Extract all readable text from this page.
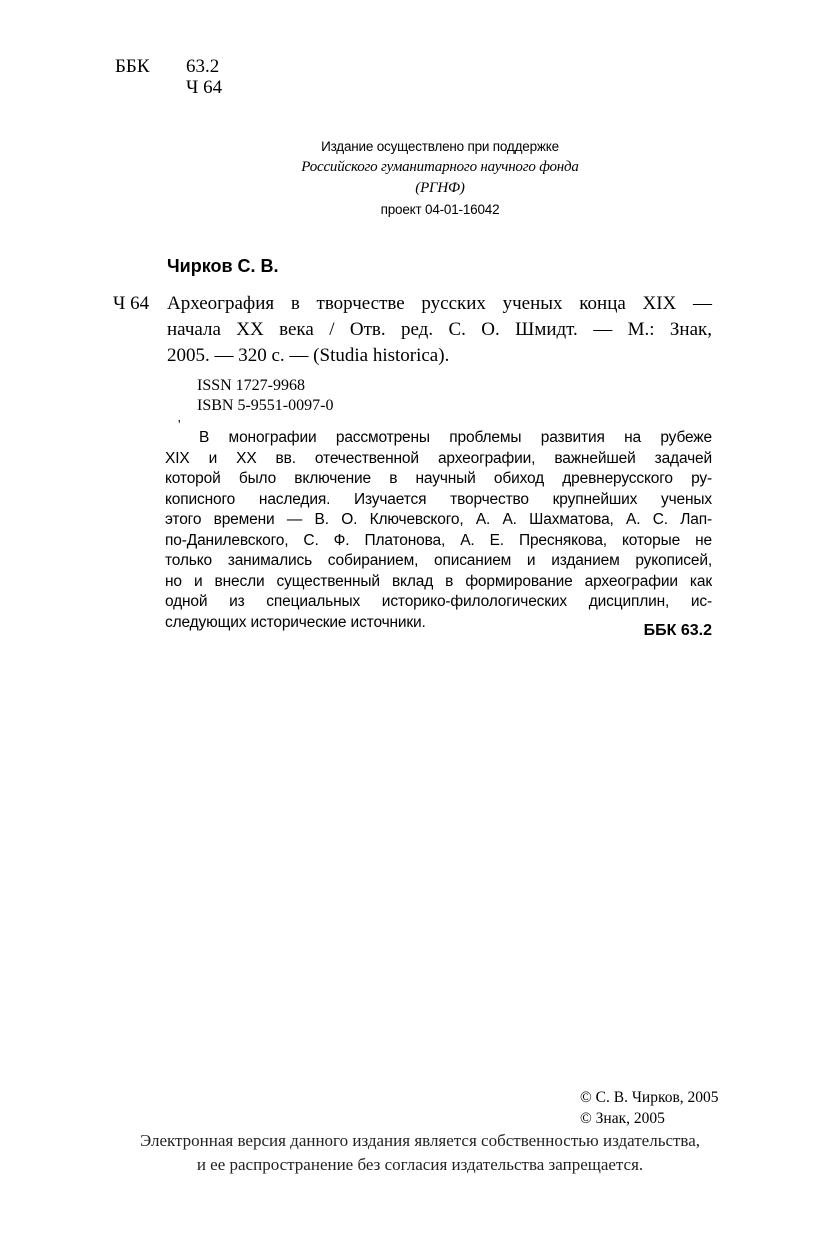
ББК 63.2
Ч 64
Издание осуществлено при поддержке
Российского гуманитарного научного фонда
(РГНФ)
проект 04-01-16042
Чирков С. В.
Ч 64 Археография в творчестве русских ученых конца XIX —
начала XX века / Отв. ред. С. О. Шмидт. — М.: Знак,
2005. — 320 с. — (Studia historica).
ISSN 1727-9968
ISBN 5-9551-0097-0
'
В монографии рассмотрены проблемы развития на рубеже
XIX и XX вв. отечественной археографии, важнейшей задачей
которой было включение в научный обиход древнерусского ру-
кописного наследия. Изучается творчество крупнейших ученых
этого времени — В. О. Ключевского, А. А. Шахматова, А. С. Лап-
по-Данилевского, С. Ф. Платонова, А. Е. Преснякова, которые не
только занимались собиранием, описанием и изданием рукописей,
но и внесли существенный вклад в формирование археографии как
одной из специальных историко-филологических дисциплин, ис-
следующих исторические источники.	ББК 63.2
© С. В. Чирков, 2005
© Знак, 2005
Электронная версия данного издания является собственностью издательства,
и ее распространение без согласия издательства запрещается.
